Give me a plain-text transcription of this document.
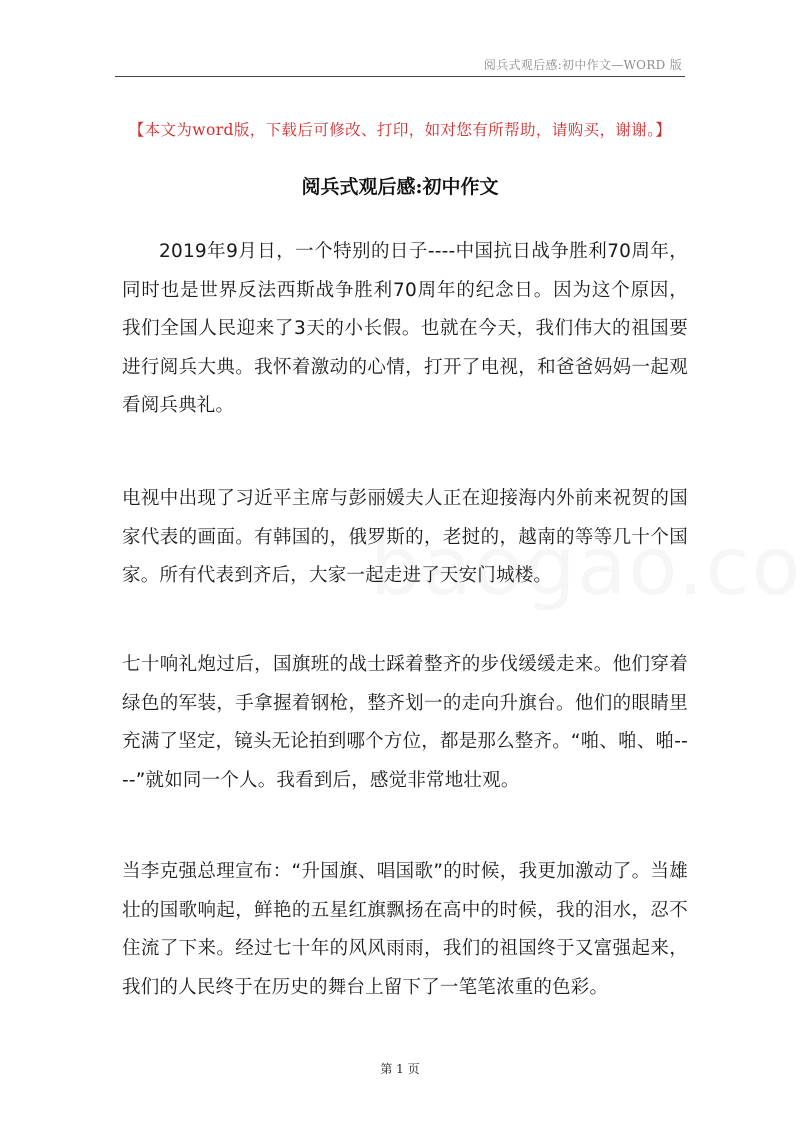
阅兵式观后感:初中作文—WORD 版
【本文为word版，下载后可修改、打印，如对您有所帮助，请购买，谢谢。】
阅兵式观后感:初中作文

2019年9月日，一个特别的日子----中国抗日战争胜利70周年，同时也是世界反法西斯战争胜利70周年的纪念日。因为这个原因，我们全国人民迎来了3天的小长假。也就在今天，我们伟大的祖国要进行阅兵大典。我怀着激动的心情，打开了电视，和爸爸妈妈一起观看阅兵典礼。

电视中出现了习近平主席与彭丽媛夫人正在迎接海内外前来祝贺的国家代表的画面。有韩国的，俄罗斯的，老挝的，越南的等等几十个国家。所有代表到齐后，大家一起走进了天安门城楼。

七十响礼炮过后，国旗班的战士踩着整齐的步伐缓缓走来。他们穿着绿色的军装，手拿握着钢枪，整齐划一的走向升旗台。他们的眼睛里充满了坚定，镜头无论拍到哪个方位，都是那么整齐。“啪、啪、啪----”就如同一个人。我看到后，感觉非常地壮观。

当李克强总理宣布：“升国旗、唱国歌”的时候，我更加激动了。当雄壮的国歌响起，鲜艳的五星红旗飘扬在高中的时候，我的泪水，忍不住流了下来。经过七十年的风风雨雨，我们的祖国终于又富强起来，我们的人民终于在历史的舞台上留下了一笔笔浓重的色彩。

第 1 页
